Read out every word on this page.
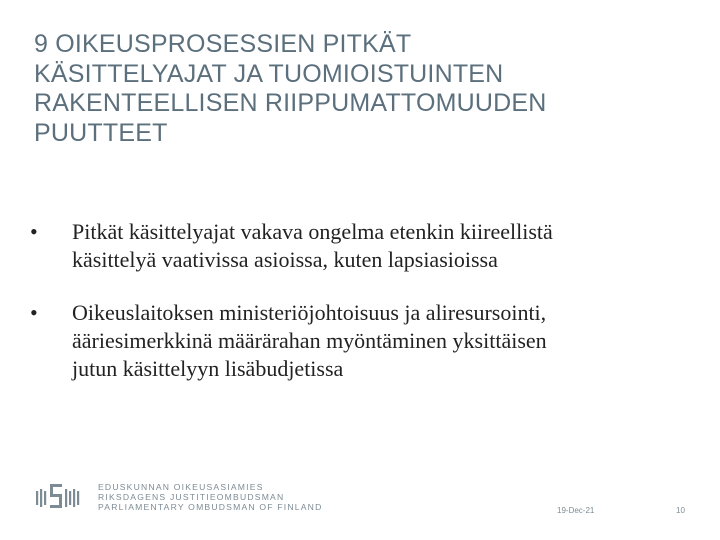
9 OIKEUSPROSESSIEN PITKÄT
KÄSITTELYAJAT JA TUOMIOISTUINTEN
RAKENTEELLISEN RIIPPUMATTOMUUDEN
PUUTTEET
•	Pitkät käsittelyajat vakava ongelma etenkin kiireellistä
käsittelyä vaativissa asioissa, kuten lapsiasioissa
•	Oikeuslaitoksen ministeriöjohtoisuus ja aliresursointi,
ääriesimerkkinä määrärahan myöntäminen yksittäisen
jutun käsittelyyn lisäbudjetissa
EDUSKUNNAN OIKEUSASIAMIES
RIKSDAGENS JUSTITIEOMBUDSMAN
PARLIAMENTARY OMBUDSMAN OF FINLAND	19-Dec-21	10
